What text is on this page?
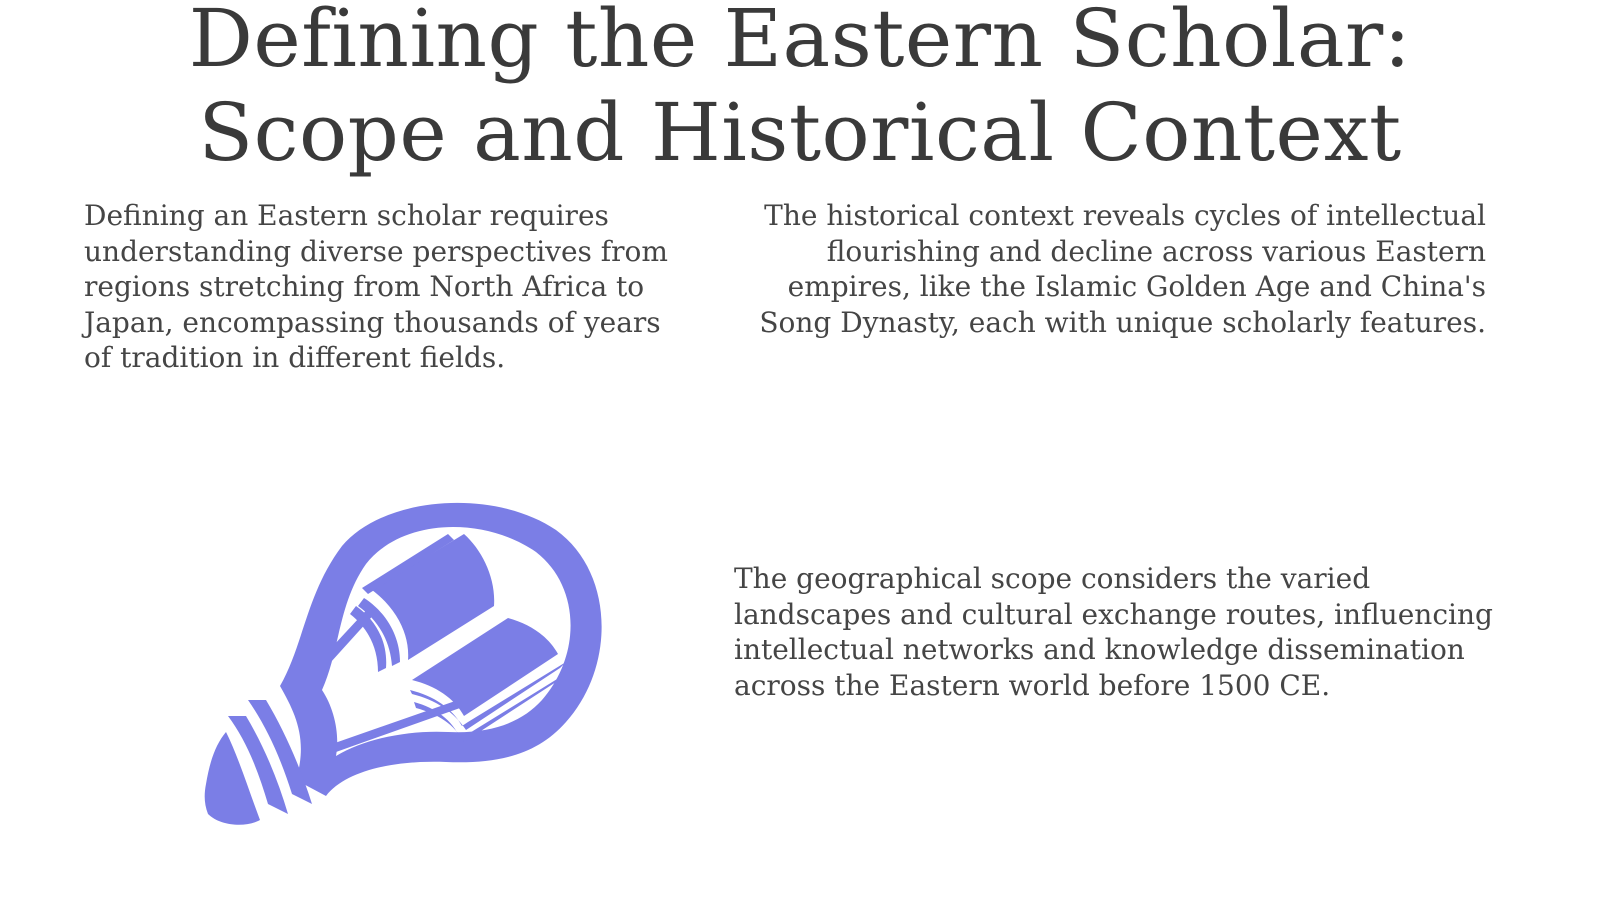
Defining the Eastern Scholar:
Scope and Historical Context

Defining an Eastern scholar requires understanding diverse perspectives from regions stretching from North Africa to Japan, encompassing thousands of years of tradition in different fields.

The historical context reveals cycles of intellectual flourishing and decline across various Eastern empires, like the Islamic Golden Age and China's Song Dynasty, each with unique scholarly features.

The geographical scope considers the varied landscapes and cultural exchange routes, influencing intellectual networks and knowledge dissemination across the Eastern world before 1500 CE.
